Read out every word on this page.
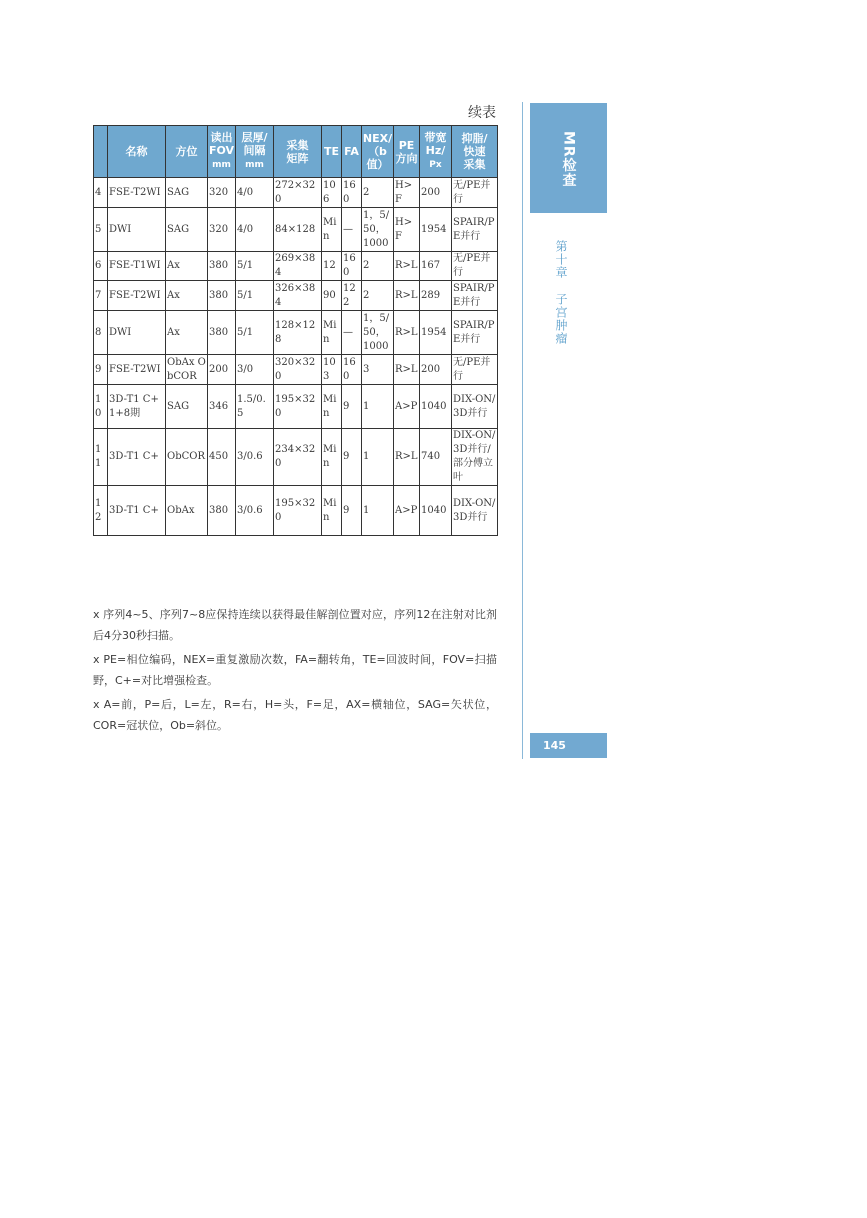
续表
	名称	方位	读出
FOV
mm	层厚/
间隔
mm	采集
矩阵	TE	FA	NEX/
（b
值）	PE
方向	带宽
Hz/
Px	抑脂/
快速
采集
4	FSE-T2WI	SAG	320	4/0	272×320	106	160	2	H>F	200	无/PE并行
5	DWI	SAG	320	4/0	84×128	Min	—	1，5/50，1000	H>F	1954	SPAIR/PE并行
6	FSE-T1WI	Ax	380	5/1	269×384	12	160	2	R>L	167	无/PE并行
7	FSE-T2WI	Ax	380	5/1	326×384	90	122	2	R>L	289	SPAIR/PE并行
8	DWI	Ax	380	5/1	128×128	Min	—	1，5/50，1000	R>L	1954	SPAIR/PE并行
9	FSE-T2WI	ObAx ObCOR	200	3/0	320×320	103	160	3	R>L	200	无/PE并行
10	3D-T1 C+ 1+8期	SAG	346	1.5/0.5	195×320	Min	9	1	A>P	1040	DIX-ON/3D并行
11	3D-T1 C+	ObCOR	450	3/0.6	234×320	Min	9	1	R>L	740	DIX-ON/3D并行/部分傅立叶
12	3D-T1 C+	ObAx	380	3/0.6	195×320	Min	9	1	A>P	1040	DIX-ON/3D并行

x 序列4~5、序列7~8应保持连续以获得最佳解剖位置对应，序列12在注射对比剂后4分30秒扫描。

x PE=相位编码，NEX=重复激励次数，FA=翻转角，TE=回波时间，FOV=扫描野，C+=对比增强检查。

x A=前，P=后，L=左，R=右，H=头，F=足，AX=横轴位，SAG=矢状位，COR=冠状位，Ob=斜位。

MR检查
第十章子宫肿瘤
145
